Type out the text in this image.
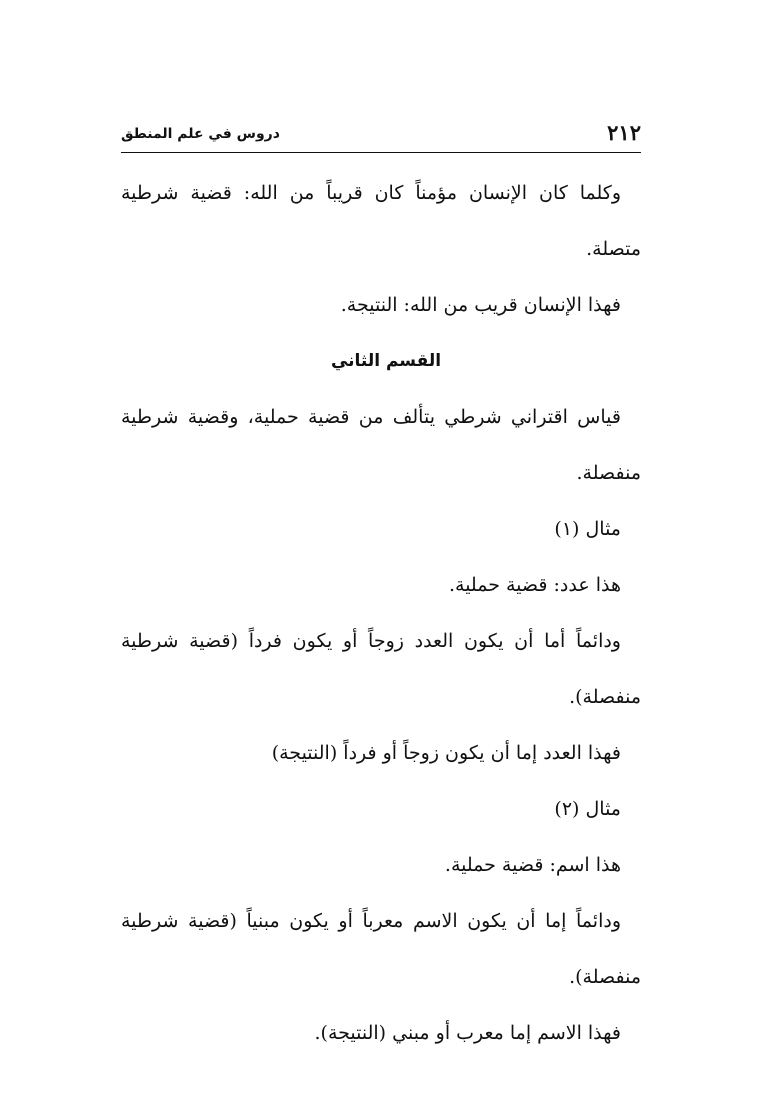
٢١٢
دروس في علم المنطق
وكلما كان الإنسان مؤمناً كان قريباً من الله: قضية شرطية
متصلة.
فهذا الإنسان قريب من الله: النتيجة.
القسم الثاني
قياس اقتراني شرطي يتألف من قضية حملية، وقضية شرطية
منفصلة.
مثال (١)
هذا عدد: قضية حملية.
ودائماً أما أن يكون العدد زوجاً أو يكون فرداً (قضية شرطية
منفصلة).
فهذا العدد إما أن يكون زوجاً أو فرداً (النتيجة)
مثال (٢)
هذا اسم: قضية حملية.
ودائماً إما أن يكون الاسم معرباً أو يكون مبنياً (قضية شرطية
منفصلة).
فهذا الاسم إما معرب أو مبني (النتيجة).
